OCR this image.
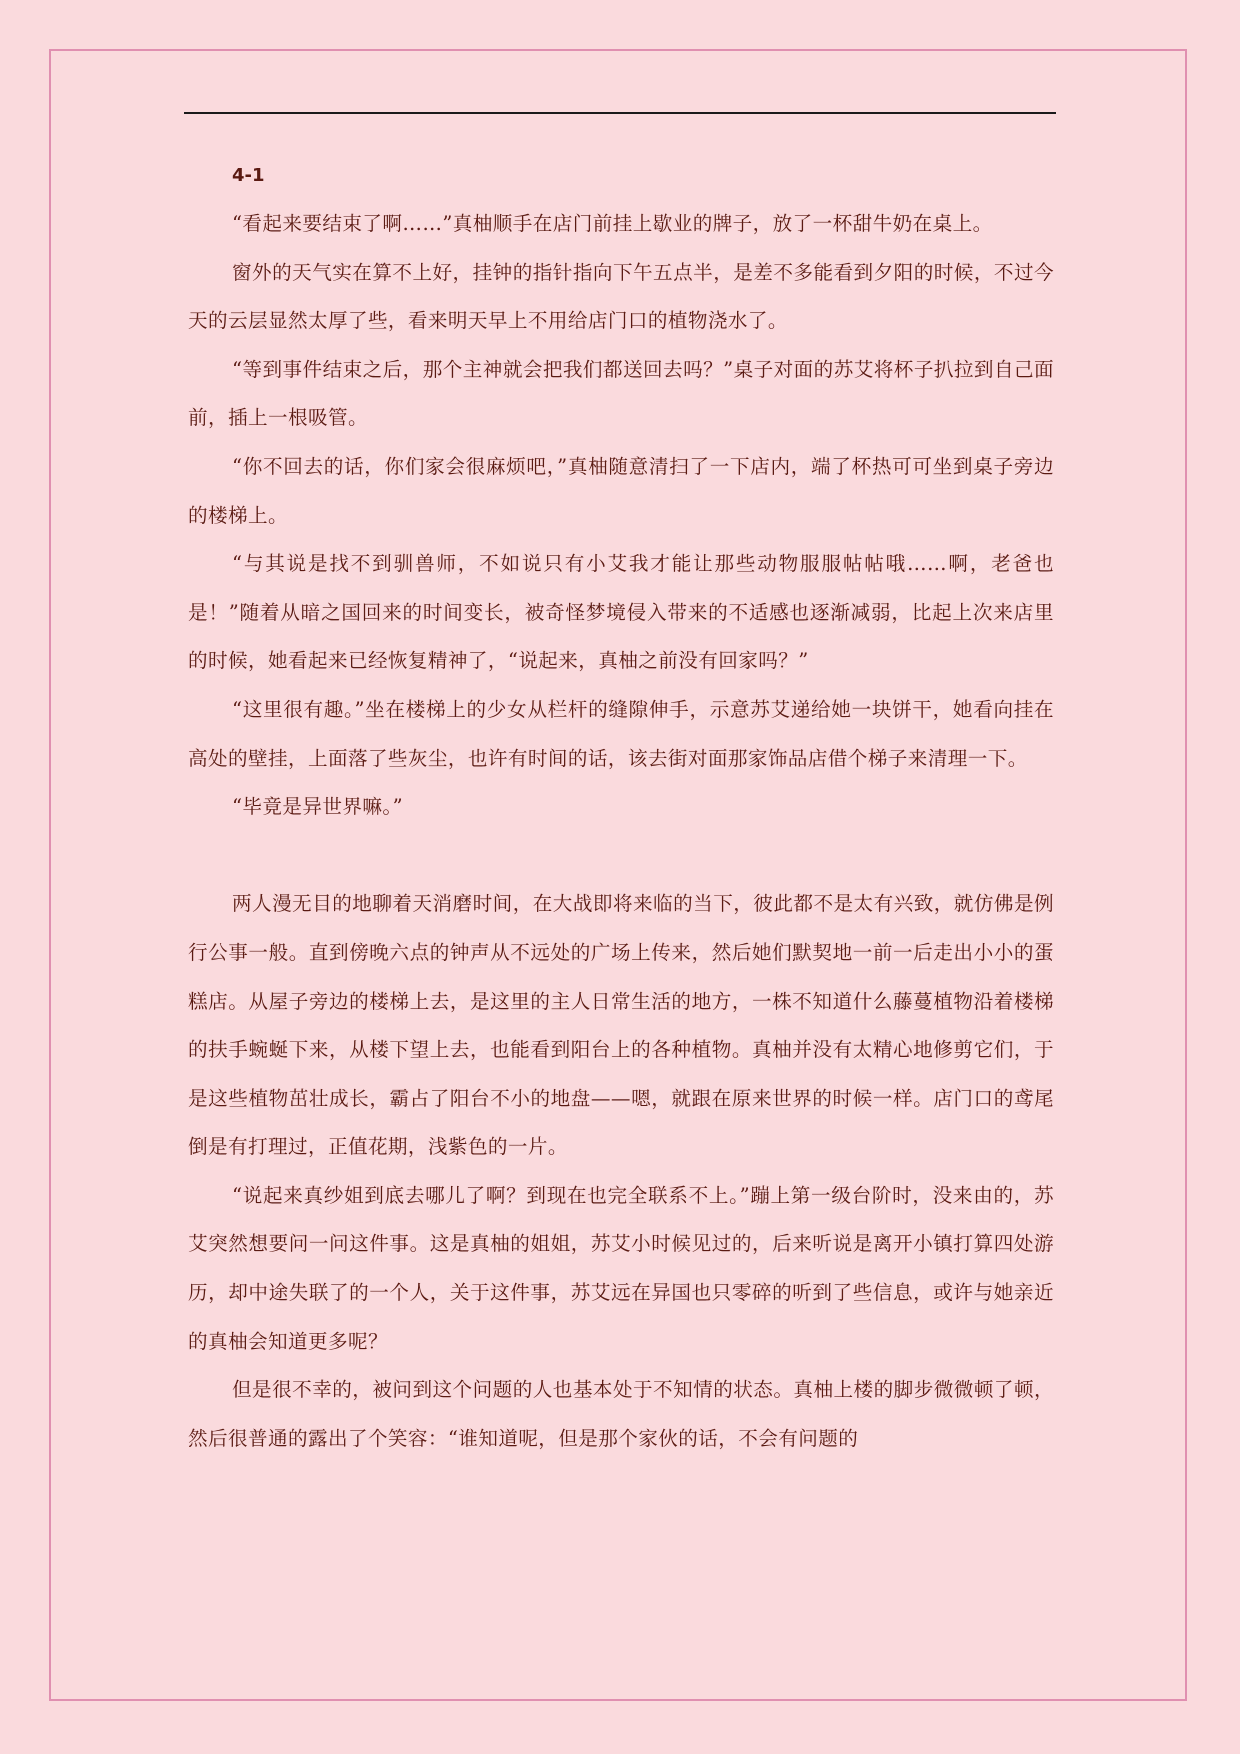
4-1

“看起来要结束了啊……”真柚顺手在店门前挂上歇业的牌子，放了一杯甜牛奶在桌上。

窗外的天气实在算不上好，挂钟的指针指向下午五点半，是差不多能看到夕阳的时候，不过今天的云层显然太厚了些，看来明天早上不用给店门口的植物浇水了。

“等到事件结束之后，那个主神就会把我们都送回去吗？”桌子对面的苏艾将杯子扒拉到自己面前，插上一根吸管。

“你不回去的话，你们家会很麻烦吧，”真柚随意清扫了一下店内，端了杯热可可坐到桌子旁边的楼梯上。

“与其说是找不到驯兽师，不如说只有小艾我才能让那些动物服服帖帖哦……啊，老爸也是！”随着从暗之国回来的时间变长，被奇怪梦境侵入带来的不适感也逐渐减弱，比起上次来店里的时候，她看起来已经恢复精神了，“说起来，真柚之前没有回家吗？”

“这里很有趣。”坐在楼梯上的少女从栏杆的缝隙伸手，示意苏艾递给她一块饼干，她看向挂在高处的壁挂，上面落了些灰尘，也许有时间的话，该去街对面那家饰品店借个梯子来清理一下。

“毕竟是异世界嘛。”

两人漫无目的地聊着天消磨时间，在大战即将来临的当下，彼此都不是太有兴致，就仿佛是例行公事一般。直到傍晚六点的钟声从不远处的广场上传来，然后她们默契地一前一后走出小小的蛋糕店。从屋子旁边的楼梯上去，是这里的主人日常生活的地方，一株不知道什么藤蔓植物沿着楼梯的扶手蜿蜒下来，从楼下望上去，也能看到阳台上的各种植物。真柚并没有太精心地修剪它们，于是这些植物茁壮成长，霸占了阳台不小的地盘——嗯，就跟在原来世界的时候一样。店门口的鸢尾倒是有打理过，正值花期，浅紫色的一片。

“说起来真纱姐到底去哪儿了啊？到现在也完全联系不上。”蹦上第一级台阶时，没来由的，苏艾突然想要问一问这件事。这是真柚的姐姐，苏艾小时候见过的，后来听说是离开小镇打算四处游历，却中途失联了的一个人，关于这件事，苏艾远在异国也只零碎的听到了些信息，或许与她亲近的真柚会知道更多呢？

但是很不幸的，被问到这个问题的人也基本处于不知情的状态。真柚上楼的脚步微微顿了顿，然后很普通的露出了个笑容：“谁知道呢，但是那个家伙的话，不会有问题的
